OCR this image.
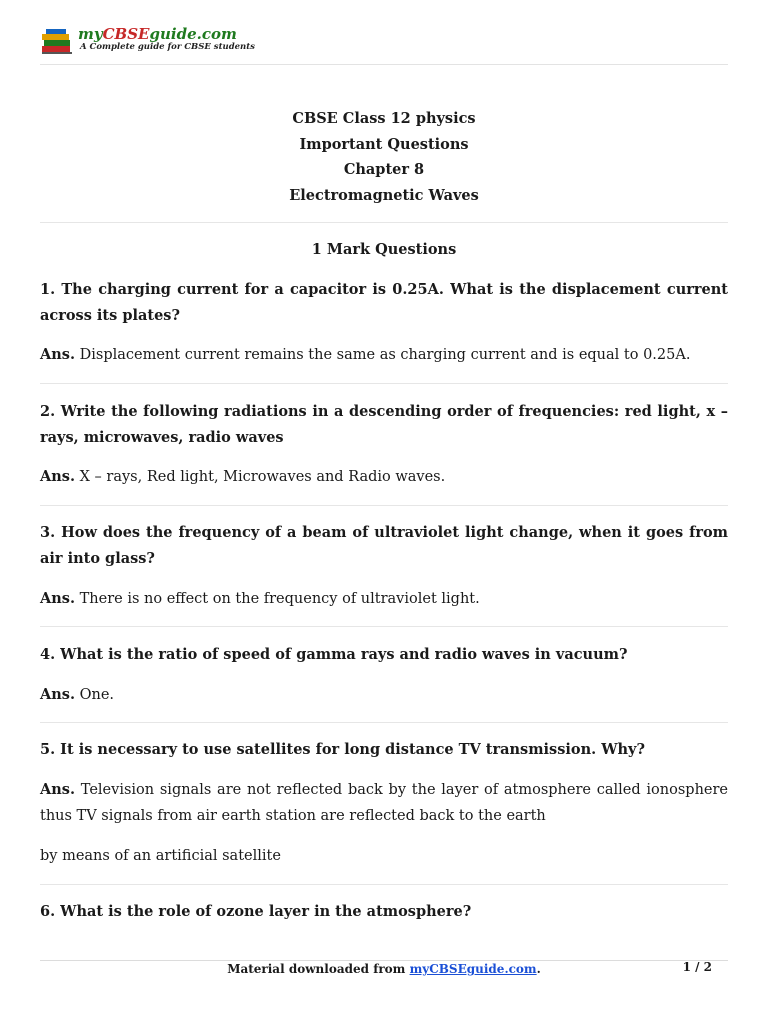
myCBSEguide.com
A Complete guide for CBSE students
CBSE Class 12 physics
Important Questions
Chapter 8
Electromagnetic Waves
1 Mark Questions
1. The charging current for a capacitor is 0.25A. What is the displacement current across its plates?
Ans. Displacement current remains the same as charging current and is equal to 0.25A.
2. Write the following radiations in a descending order of frequencies: red light, x – rays, microwaves, radio waves
Ans. X – rays, Red light, Microwaves and Radio waves.
3. How does the frequency of a beam of ultraviolet light change, when it goes from air into glass?
Ans. There is no effect on the frequency of ultraviolet light.
4. What is the ratio of speed of gamma rays and radio waves in vacuum?
Ans. One.
5. It is necessary to use satellites for long distance TV transmission. Why?
Ans. Television signals are not reflected back by the layer of atmosphere called ionosphere thus TV signals from air earth station are reflected back to the earth
by means of an artificial satellite
6. What is the role of ozone layer in the atmosphere?
Material downloaded from myCBSEguide.com.	1 / 2
